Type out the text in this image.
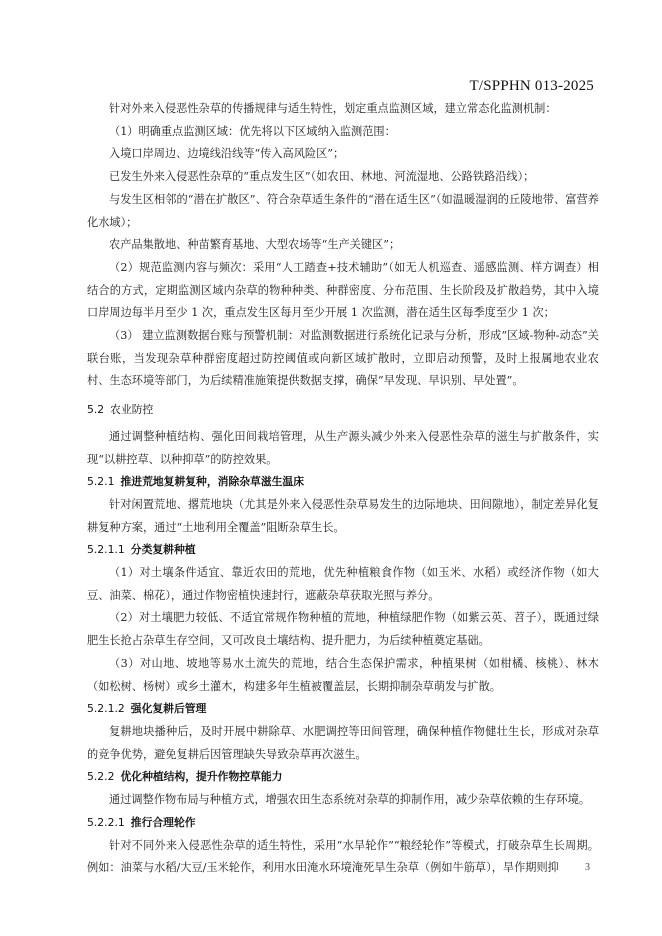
T/SPPHN 013-2025

针对外来入侵恶性杂草的传播规律与适生特性，划定重点监测区域，建立常态化监测机制：

（1）明确重点监测区域：优先将以下区域纳入监测范围：

入境口岸周边、边境线沿线等“传入高风险区”；

已发生外来入侵恶性杂草的“重点发生区”（如农田、林地、河流湿地、公路铁路沿线）；

与发生区相邻的“潜在扩散区”、符合杂草适生条件的“潜在适生区”（如温暖湿润的丘陵地带、富营养化水域）；

农产品集散地、种苗繁育基地、大型农场等“生产关键区”；

（2）规范监测内容与频次：采用“人工踏查+技术辅助”（如无人机巡查、遥感监测、样方调查）相结合的方式，定期监测区域内杂草的物种种类、种群密度、分布范围、生长阶段及扩散趋势，其中入境口岸周边每半月至少 1 次，重点发生区每月至少开展 1 次监测，潜在适生区每季度至少 1 次；

（3） 建立监测数据台账与预警机制：对监测数据进行系统化记录与分析，形成“区域-物种-动态”关联台账，当发现杂草种群密度超过防控阈值或向新区域扩散时，立即启动预警，及时上报属地农业农村、生态环境等部门，为后续精准施策提供数据支撑，确保“早发现、早识别、早处置”。

5.2 农业防控

通过调整种植结构、强化田间栽培管理，从生产源头减少外来入侵恶性杂草的滋生与扩散条件，实现“以耕控草、以种抑草”的防控效果。

5.2.1 推进荒地复耕复种，消除杂草滋生温床

针对闲置荒地、撂荒地块（尤其是外来入侵恶性杂草易发生的边际地块、田间隙地），制定差异化复耕复种方案，通过“土地利用全覆盖”阻断杂草生长。

5.2.1.1 分类复耕种植

（1）对土壤条件适宜、靠近农田的荒地，优先种植粮食作物（如玉米、水稻）或经济作物（如大豆、油菜、棉花），通过作物密植快速封行，遮蔽杂草获取光照与养分。

（2）对土壤肥力较低、不适宜常规作物种植的荒地，种植绿肥作物（如紫云英、苕子），既通过绿肥生长抢占杂草生存空间，又可改良土壤结构、提升肥力，为后续种植奠定基础。

（3）对山地、坡地等易水土流失的荒地，结合生态保护需求，种植果树（如柑橘、核桃）、林木（如松树、杨树）或乡土灌木，构建多年生植被覆盖层，长期抑制杂草萌发与扩散。

5.2.1.2 强化复耕后管理

复耕地块播种后，及时开展中耕除草、水肥调控等田间管理，确保种植作物健壮生长，形成对杂草的竞争优势，避免复耕后因管理缺失导致杂草再次滋生。

5.2.2 优化种植结构，提升作物控草能力

通过调整作物布局与种植方式，增强农田生态系统对杂草的抑制作用，减少杂草依赖的生存环境。

5.2.2.1 推行合理轮作

针对不同外来入侵恶性杂草的适生特性，采用“水旱轮作”“粮经轮作”等模式，打破杂草生长周期。例如：油菜与水稻/大豆/玉米轮作，利用水田淹水环境淹死旱生杂草（例如牛筋草），旱作期则抑	3
